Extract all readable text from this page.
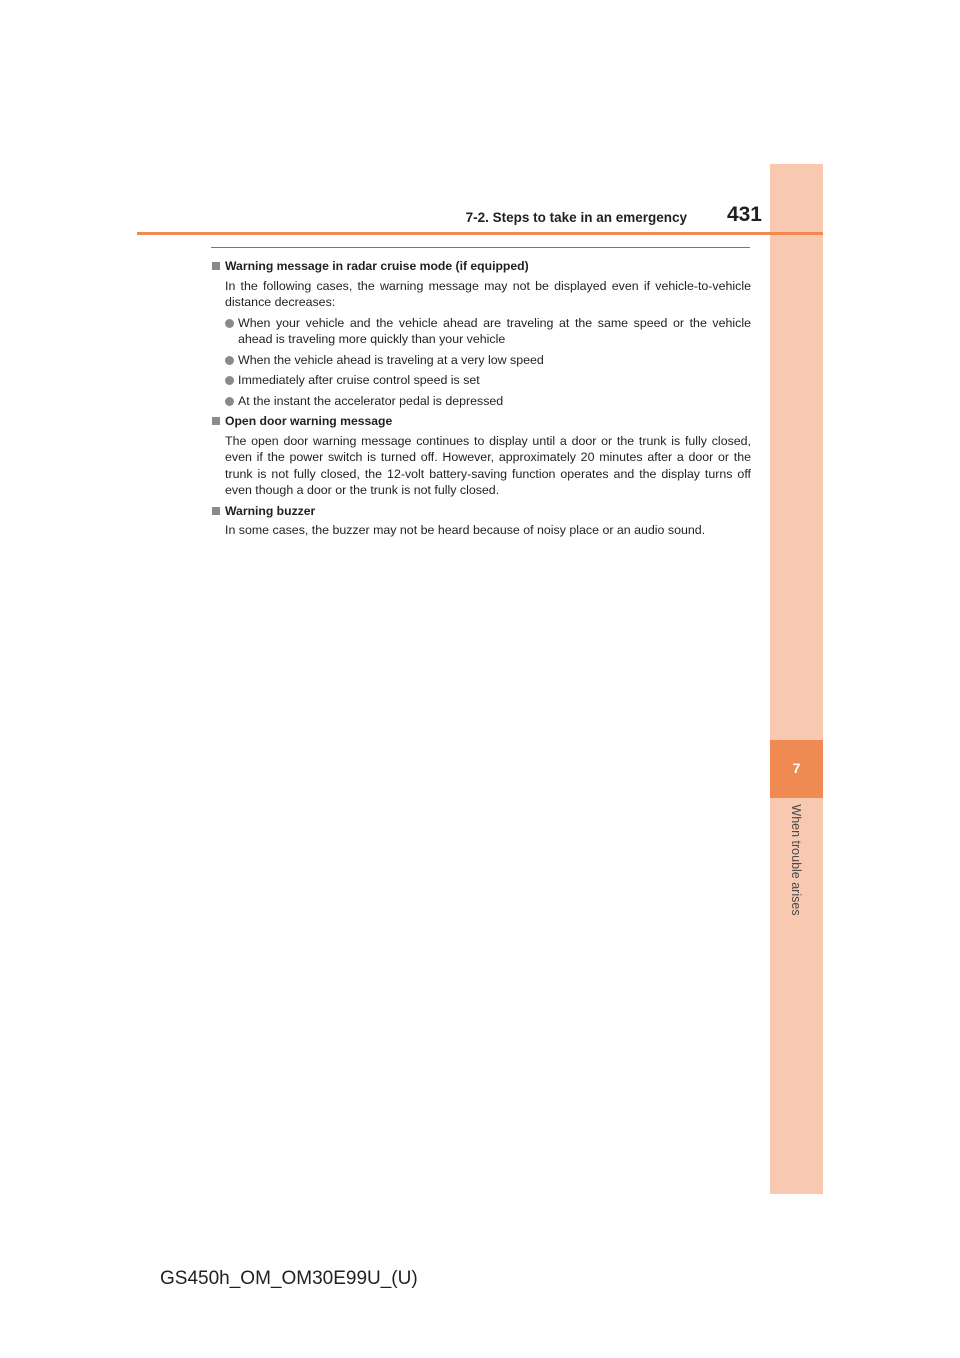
7
When trouble arises
7-2. Steps to take in an emergency 431
Warning message in radar cruise mode (if equipped)
In the following cases, the warning message may not be displayed even if vehicle-to-vehicle distance decreases:
When your vehicle and the vehicle ahead are traveling at the same speed or the vehicle ahead is traveling more quickly than your vehicle
When the vehicle ahead is traveling at a very low speed
Immediately after cruise control speed is set
At the instant the accelerator pedal is depressed
Open door warning message
The open door warning message continues to display until a door or the trunk is fully closed, even if the power switch is turned off. However, approximately 20 minutes after a door or the trunk is not fully closed, the 12-volt battery-saving function operates and the display turns off even though a door or the trunk is not fully closed.
Warning buzzer
In some cases, the buzzer may not be heard because of noisy place or an audio sound.
GS450h_OM_OM30E99U_(U)
